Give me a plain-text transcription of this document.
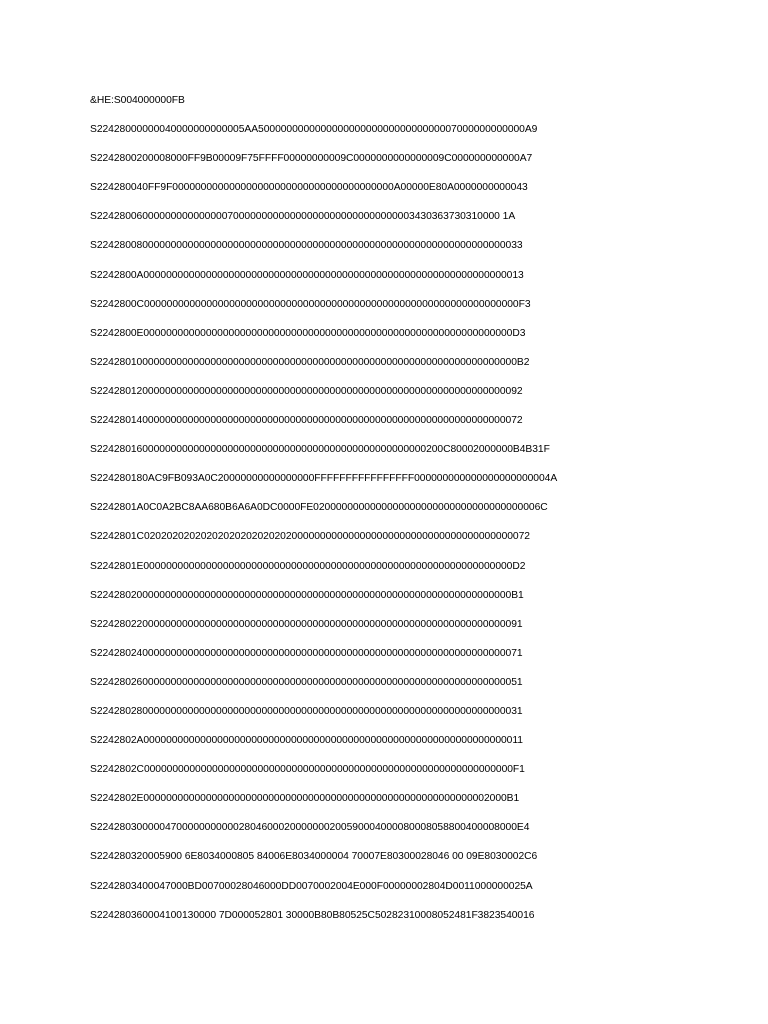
&HE:S004000000FB
S22428000000040000000000005AA50000000000000000000000000000000007000000000000A9
S2242800200008000FF9B00009F75FFFF00000000009C0000000000000009C000000000000A7
S224280040FF9F000000000000000000000000000000000000000A00000E80A0000000000043
S22428006000000000000000700000000000000000000000000000003430363730310000 1A
S224280080000000000000000000000000000000000000000000000000000000000000000033
S2242800A0000000000000000000000000000000000000000000000000000000000000000013
S2242800C000000000000000000000000000000000000000000000000000000000000000000F3
S2242800E00000000000000000000000000000000000000000000000000000000000000000D3
S22428010000000000000000000000000000000000000000000000000000000000000000000B2
S224280120000000000000000000000000000000000000000000000000000000000000000092
S224280140000000000000000000000000000000000000000000000000000000000000000072
S2242801600000000000000000000000000000000000000000000000000200C80002000000B4B31F
S224280180AC9FB093A0C20000000000000000FFFFFFFFFFFFFFFF000000000000000000000004A
S2242801A0C0A2BC8AA680B6A6A0DC0000FE0200000000000000000000000000000000000006C
S2242801C02020202020202020202020202000000000000000000000000000000000000000072
S2242801E00000000000000000000000000000000000000000000000000000000000000000D2
S2242802000000000000000000000000000000000000000000000000000000000000000000B1
S224280220000000000000000000000000000000000000000000000000000000000000000091
S224280240000000000000000000000000000000000000000000000000000000000000000071
S224280260000000000000000000000000000000000000000000000000000000000000000051
S224280280000000000000000000000000000000000000000000000000000000000000000031
S2242802A0000000000000000000000000000000000000000000000000000000000000000011
S2242802C00000000000000000000000000000000000000000000000000000000000000000F1
S2242802E0000000000000000000000000000000000000000000000000000000000002000B1
S22428030000047000000000002804600020000000200590004000080008058800400008000E4
S224280320005900 6E8034000805 84006E8034000004 70007E80300028046 00 09E8030002C6
S2242803400047000BD00700028046000DD0070002004E000F00000002804D0011000000025A
S224280360004100130000 7D000052801 30000B80B80525C50282310008052481F3823540016
